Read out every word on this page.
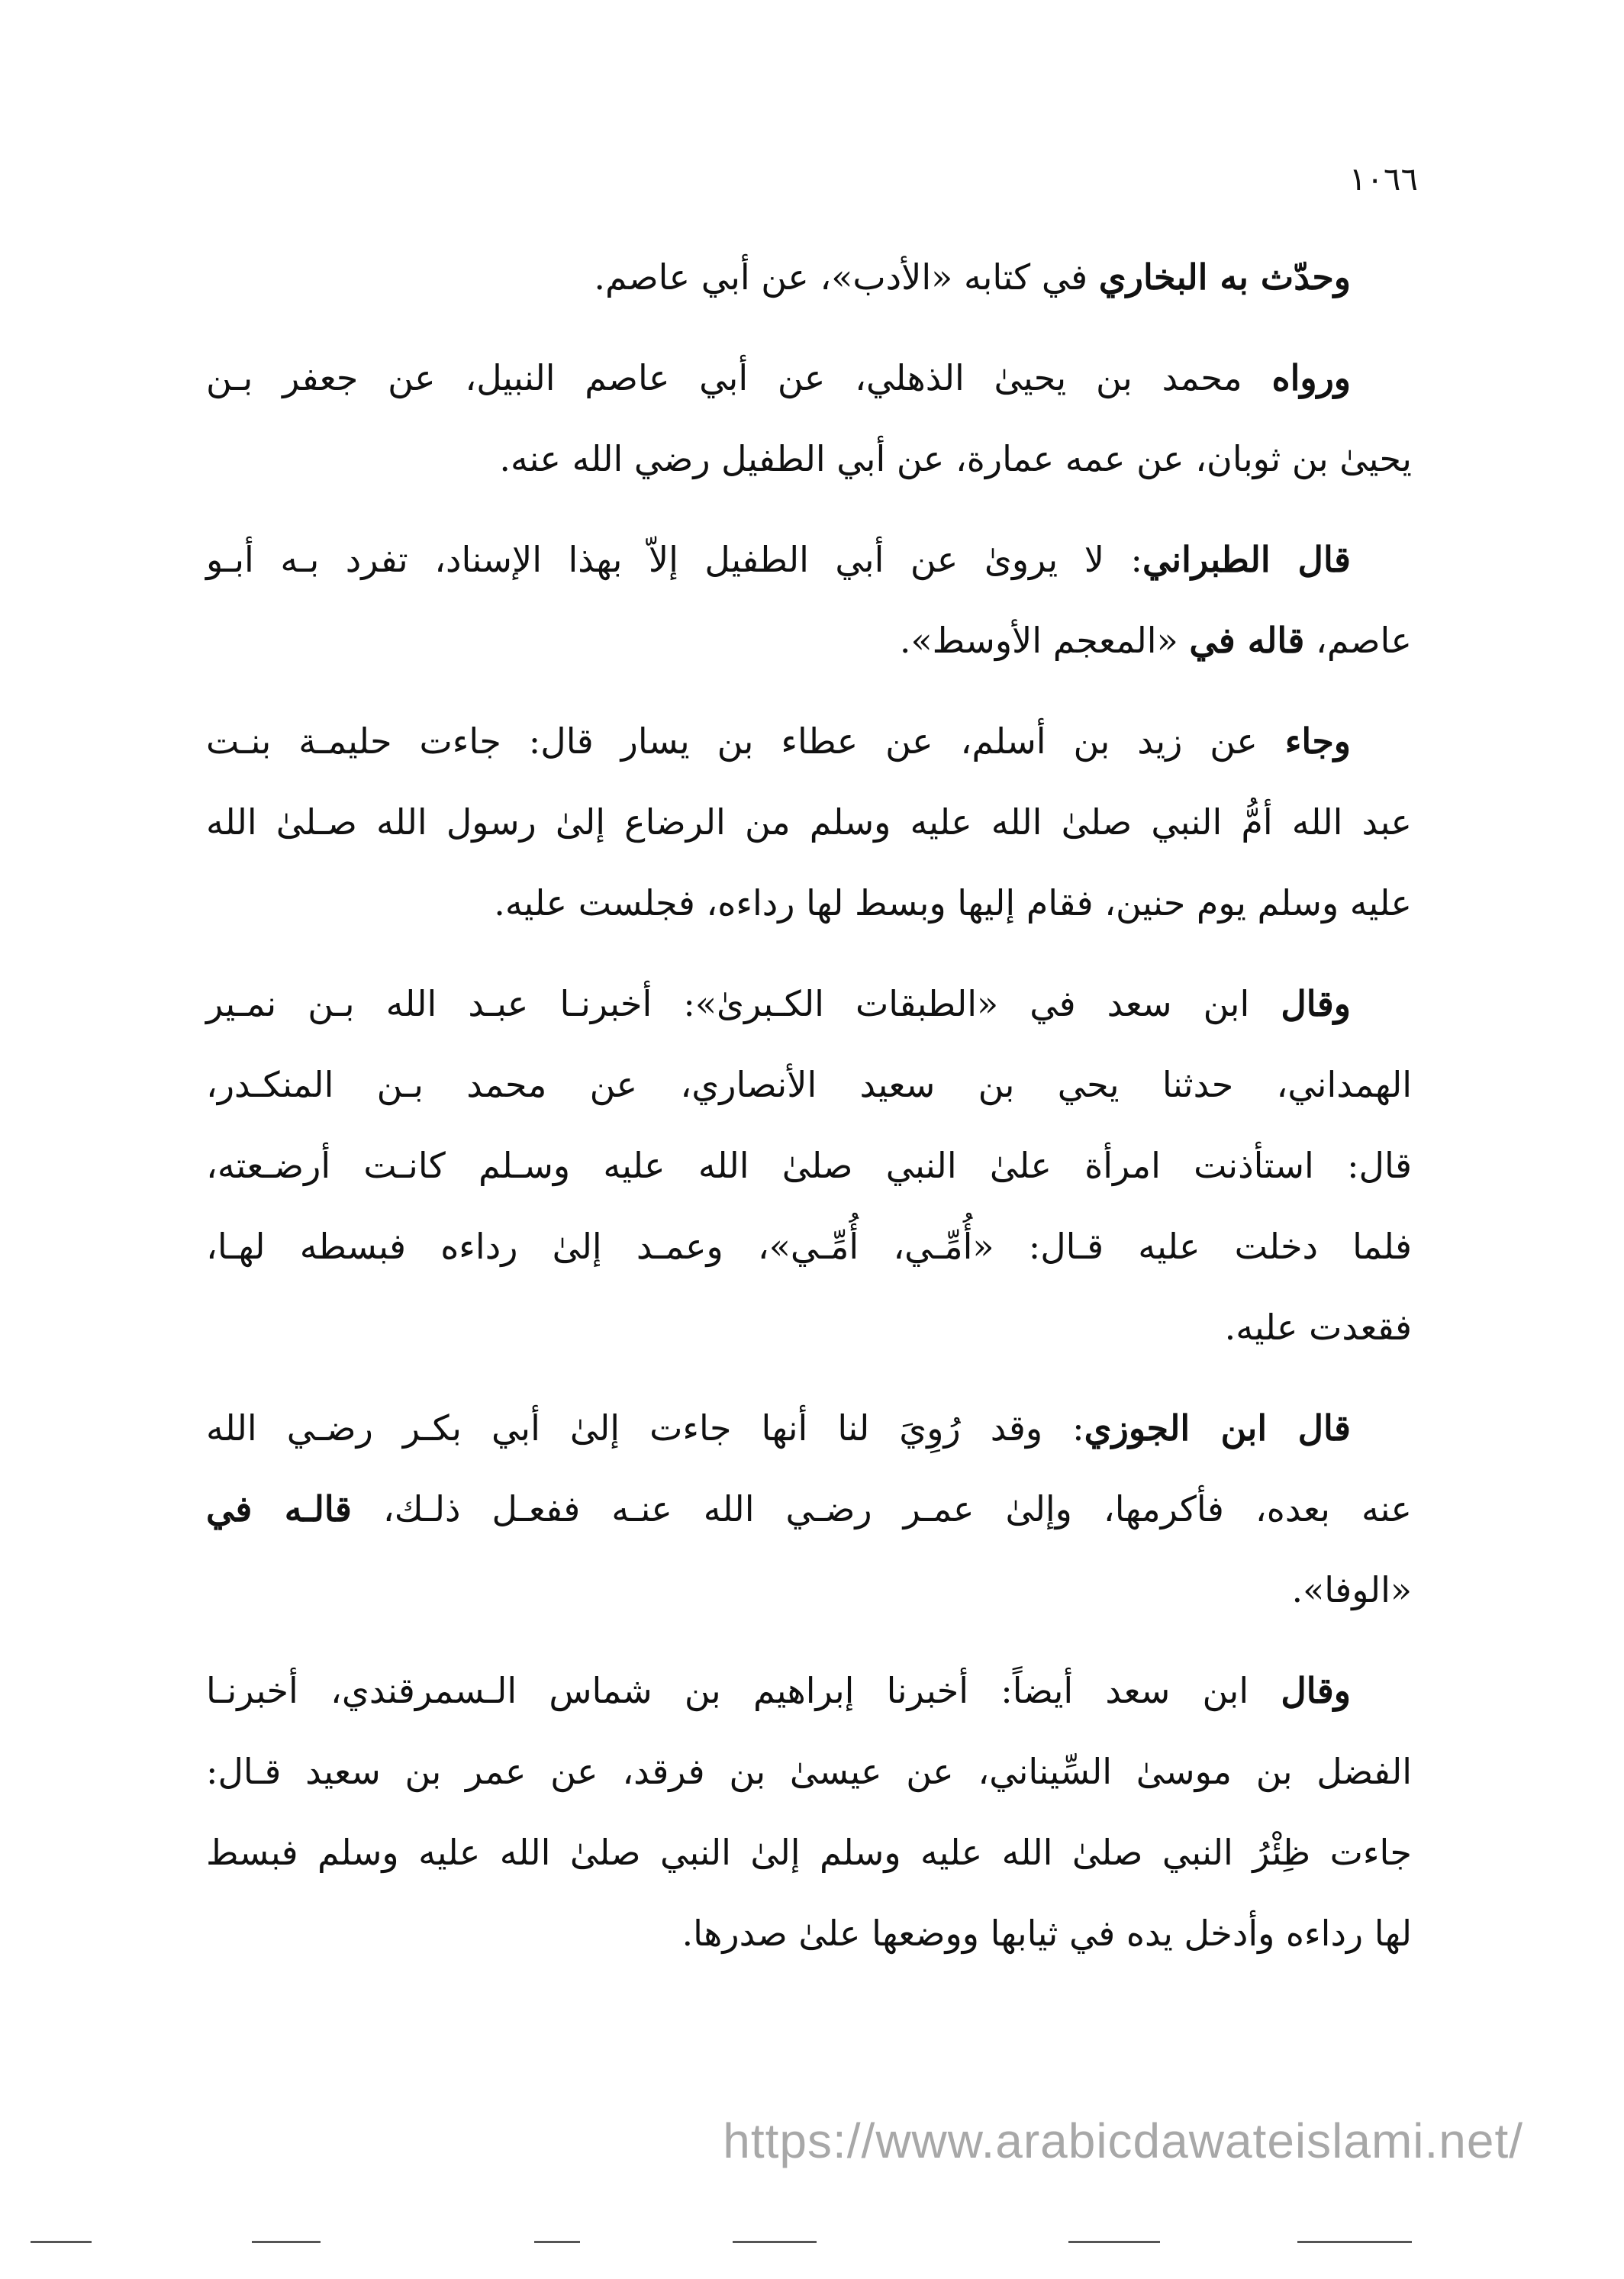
١٠٦٦

وحدّث به البخاري في كتابه «الأدب»، عن أبي عاصم.

ورواه محمد بن يحيىٰ الذهلي، عن أبي عاصم النبيل، عن جعفر بـن
يحيىٰ بن ثوبان، عن عمه عمارة، عن أبي الطفيل رضي الله عنه.

قال الطبراني: لا يروىٰ عن أبي الطفيل إلاّ بهذا الإسناد، تفرد بـه أبـو
عاصم، قاله في «المعجم الأوسط».

وجاء عن زيد بن أسلم، عن عطاء بن يسار قال: جاءت حليمـة بنـت
عبد الله أمُّ النبي صلىٰ الله عليه وسلم من الرضاع إلىٰ رسول الله صـلىٰ الله
عليه وسلم يوم حنين، فقام إليها وبسط لها رداءه، فجلست عليه.

وقال ابن سعد في «الطبقات الكـبرىٰ»: أخبرنـا عبـد الله بـن نمـير
الهمداني، حدثنا يحي بن سعيد الأنصاري، عن محمد بـن المنكـدر،
قال: استأذنت امرأة علىٰ النبي صلىٰ الله عليه وسـلم كانـت أرضـعته،
فلما دخلت عليه قـال: «أُمِّـي، أُمِّـي»، وعمـد إلىٰ رداءه فبسطه لهـا،
فقعدت عليه.

قال ابن الجوزي: وقد رُوِيَ لنا أنها جاءت إلىٰ أبي بكـر رضـي الله
عنه بعده، فأكرمها، وإلىٰ عمـر رضـي الله عنـه ففعـل ذلـك، قالـه في
«الوفا».

وقال ابن سعد أيضاً: أخبرنا إبراهيم بن شماس الـسمرقندي، أخبرنـا
الفضل بن موسىٰ السِّيناني، عن عيسىٰ بن فرقد، عن عمر بن سعيد قـال:
جاءت ظِئْرُ النبي صلىٰ الله عليه وسلم إلىٰ النبي صلىٰ الله عليه وسلم فبسط
لها رداءه وأدخل يده في ثيابها ووضعها علىٰ صدرها.

https://www.arabicdawateislami.net/
